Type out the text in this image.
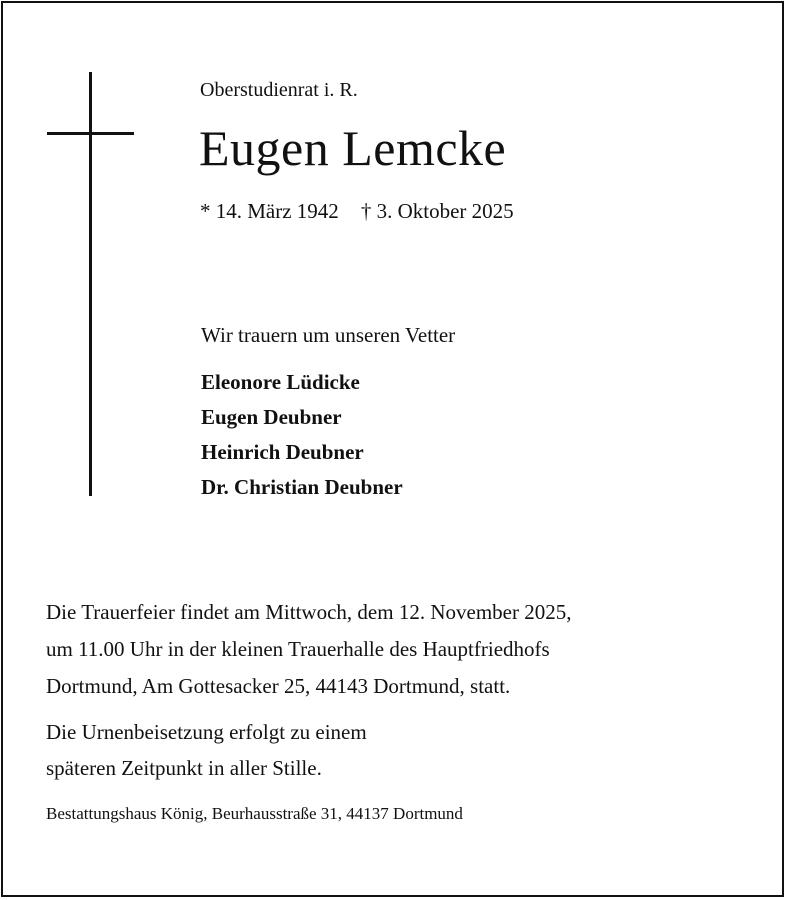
Oberstudienrat i. R.
Eugen Lemcke
* 14. März 1942 † 3. Oktober 2025
Wir trauern um unseren Vetter
Eleonore Lüdicke
Eugen Deubner
Heinrich Deubner
Dr. Christian Deubner

Die Trauerfeier findet am Mittwoch, dem 12. November 2025,
um 11.00 Uhr in der kleinen Trauerhalle des Hauptfriedhofs
Dortmund, Am Gottesacker 25, 44143 Dortmund, statt.

Die Urnenbeisetzung erfolgt zu einem
späteren Zeitpunkt in aller Stille.

Bestattungshaus König, Beurhausstraße 31, 44137 Dortmund
